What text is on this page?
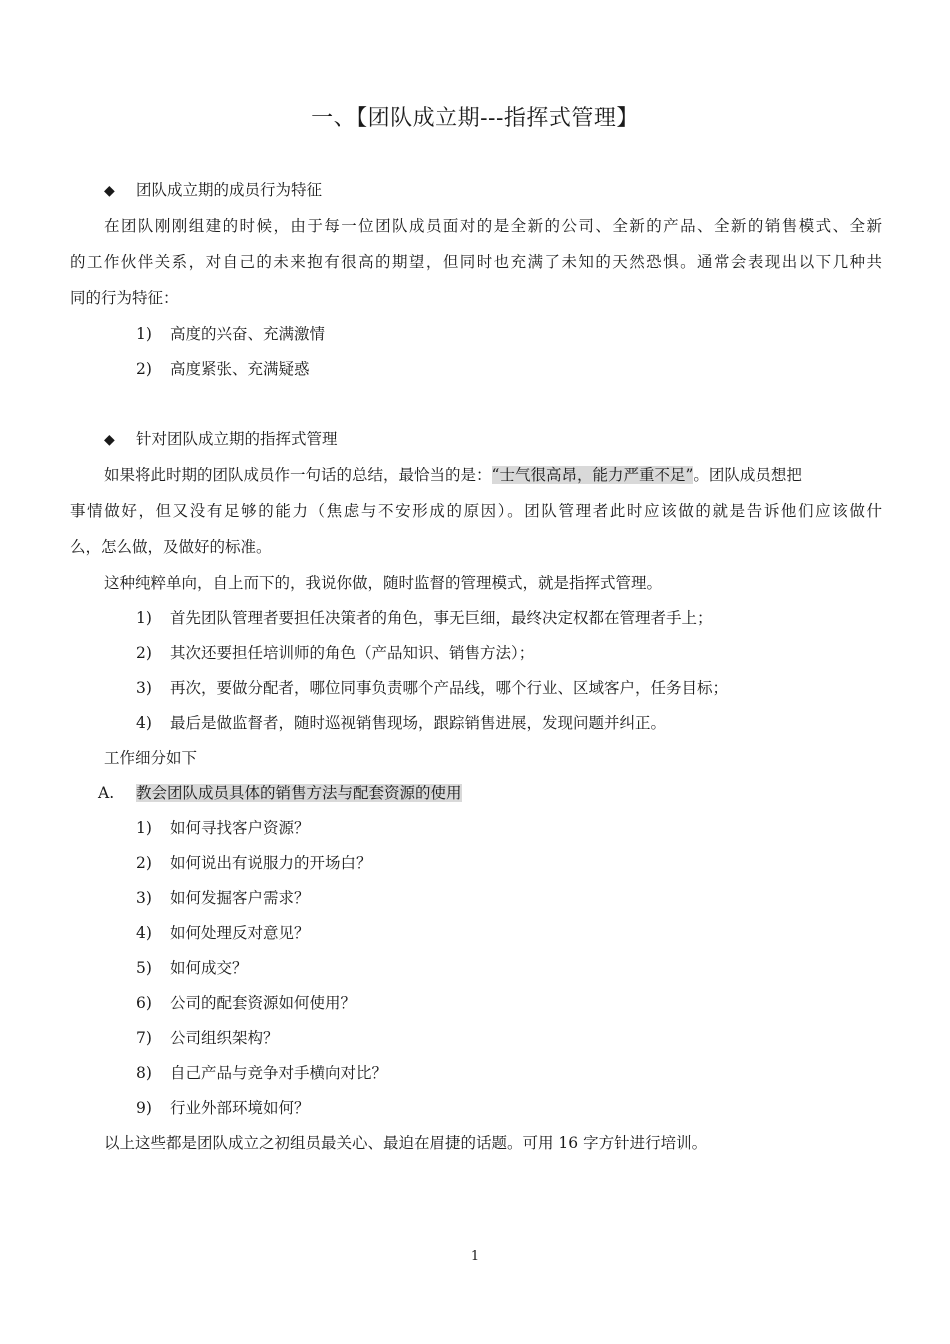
一、【团队成立期---指挥式管理】
◆ 团队成立期的成员行为特征
在团队刚刚组建的时候，由于每一位团队成员面对的是全新的公司、全新的产品、全新的销售模式、全新
的工作伙伴关系，对自己的未来抱有很高的期望，但同时也充满了未知的天然恐惧。通常会表现出以下几种共
同的行为特征：
1) 高度的兴奋、充满激情
2) 高度紧张、充满疑惑
◆ 针对团队成立期的指挥式管理
如果将此时期的团队成员作一句话的总结，最恰当的是：“士气很高昂，能力严重不足”。团队成员想把
事情做好，但又没有足够的能力（焦虑与不安形成的原因）。团队管理者此时应该做的就是告诉他们应该做什
么，怎么做，及做好的标准。
这种纯粹单向，自上而下的，我说你做，随时监督的管理模式，就是指挥式管理。
1) 首先团队管理者要担任决策者的角色，事无巨细，最终决定权都在管理者手上；
2) 其次还要担任培训师的角色（产品知识、销售方法）；
3) 再次，要做分配者，哪位同事负责哪个产品线，哪个行业、区域客户，任务目标；
4) 最后是做监督者，随时巡视销售现场，跟踪销售进展，发现问题并纠正。
工作细分如下
A. 教会团队成员具体的销售方法与配套资源的使用
1) 如何寻找客户资源？
2) 如何说出有说服力的开场白？
3) 如何发掘客户需求？
4) 如何处理反对意见？
5) 如何成交？
6) 公司的配套资源如何使用？
7) 公司组织架构？
8) 自己产品与竞争对手横向对比？
9) 行业外部环境如何？
以上这些都是团队成立之初组员最关心、最迫在眉捷的话题。可用 16 字方针进行培训。
1
